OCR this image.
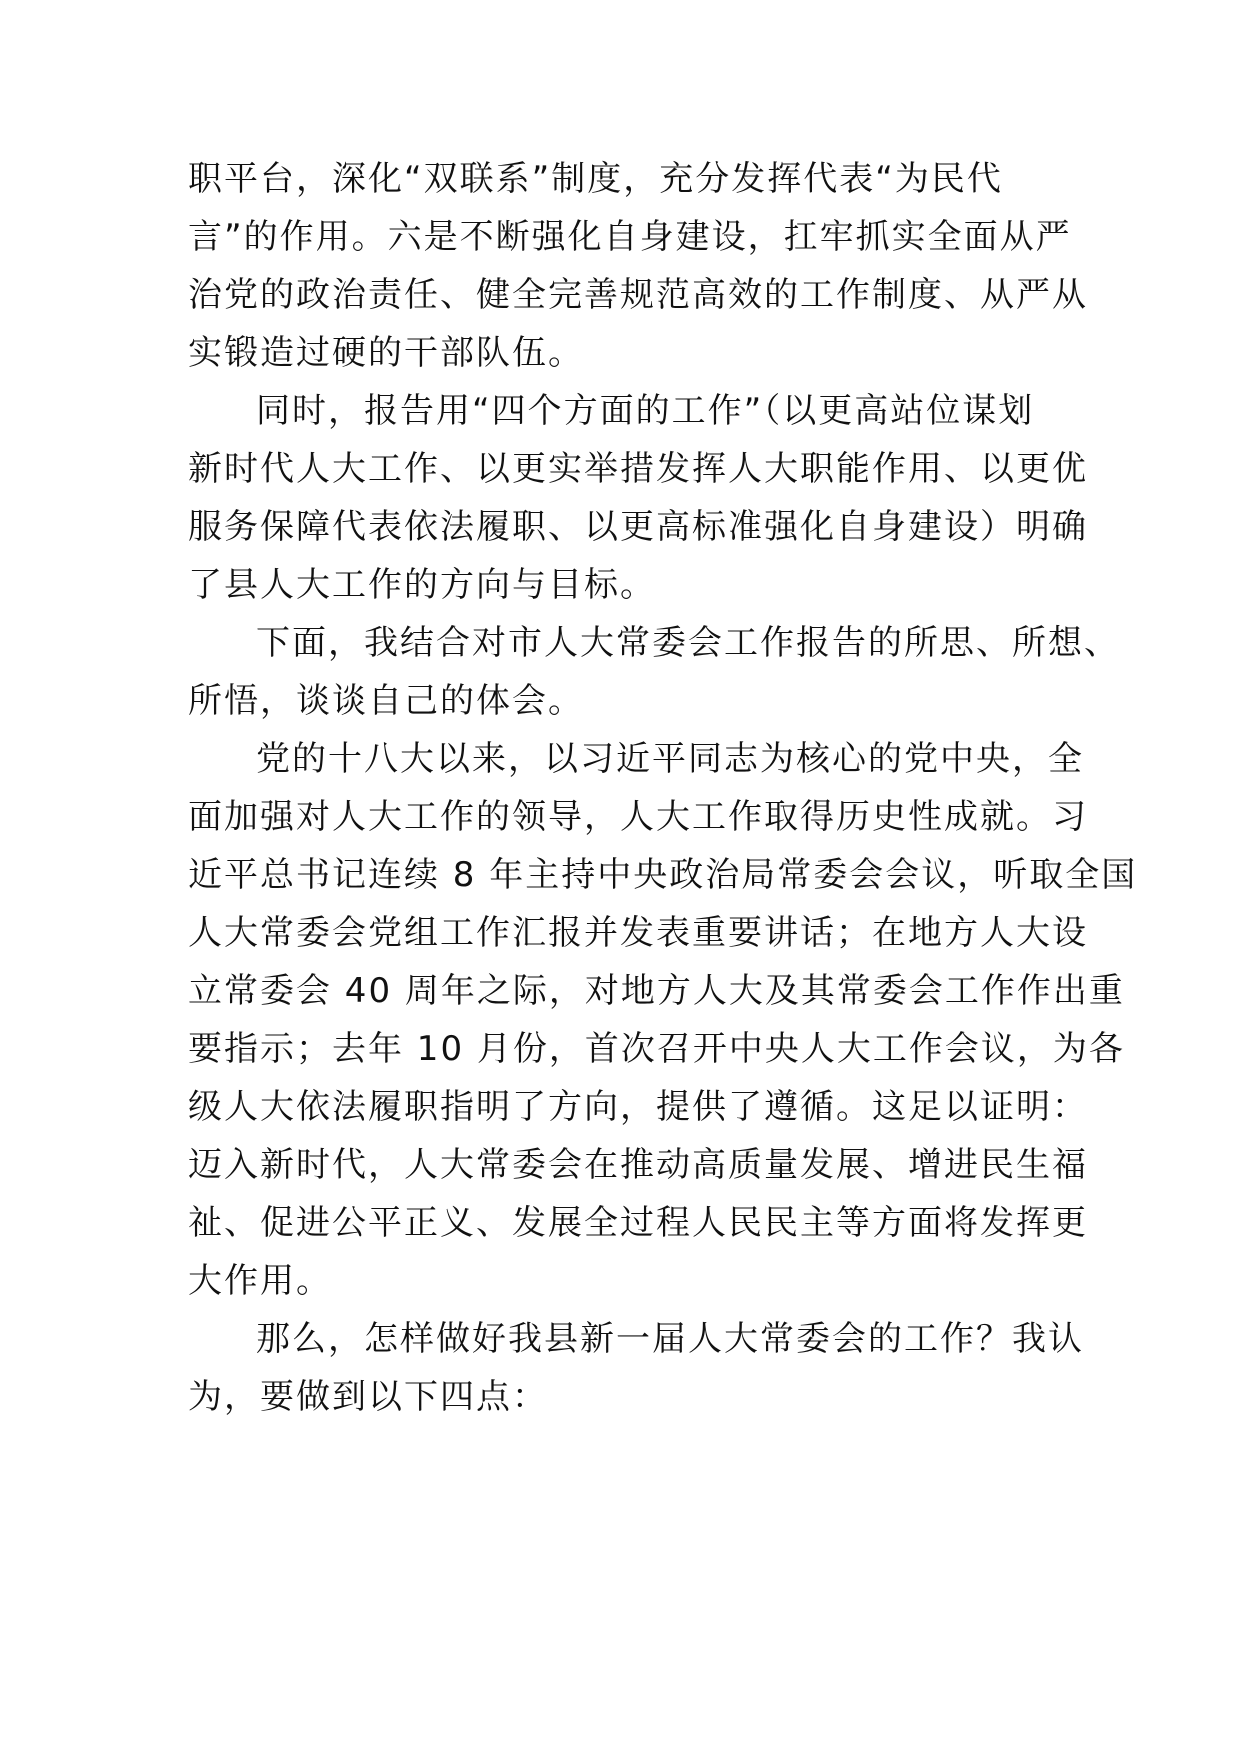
职平台，深化“双联系”制度，充分发挥代表“为民代
言”的作用。六是不断强化自身建设，扛牢抓实全面从严
治党的政治责任、健全完善规范高效的工作制度、从严从
实锻造过硬的干部队伍。
同时，报告用“四个方面的工作”（以更高站位谋划
新时代人大工作、以更实举措发挥人大职能作用、以更优
服务保障代表依法履职、以更高标准强化自身建设）明确
了县人大工作的方向与目标。
下面，我结合对市人大常委会工作报告的所思、所想、
所悟，谈谈自己的体会。
党的十八大以来，以习近平同志为核心的党中央，全
面加强对人大工作的领导，人大工作取得历史性成就。习
近平总书记连续 8 年主持中央政治局常委会会议，听取全国
人大常委会党组工作汇报并发表重要讲话；在地方人大设
立常委会 40 周年之际，对地方人大及其常委会工作作出重
要指示；去年 10 月份，首次召开中央人大工作会议，为各
级人大依法履职指明了方向，提供了遵循。这足以证明：
迈入新时代，人大常委会在推动高质量发展、增进民生福
祉、促进公平正义、发展全过程人民民主等方面将发挥更
大作用。
那么，怎样做好我县新一届人大常委会的工作？我认
为，要做到以下四点：
